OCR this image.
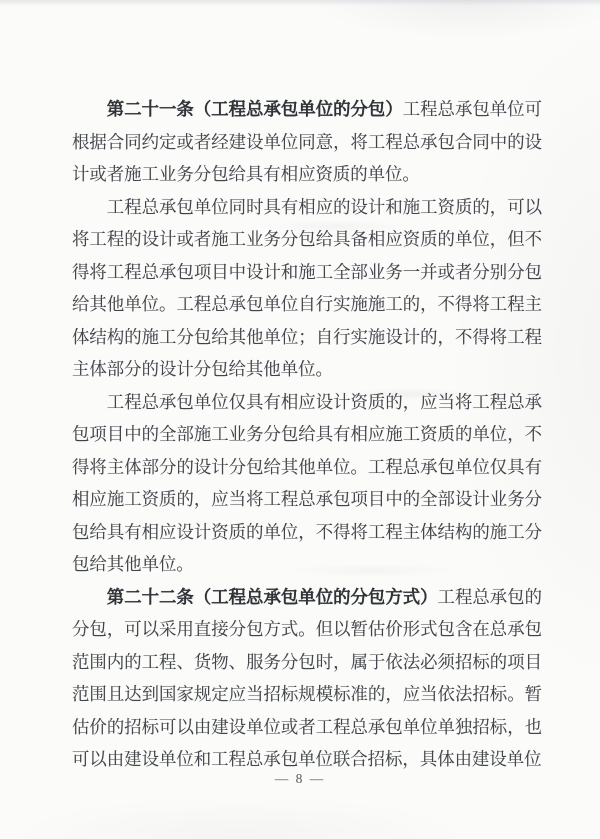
第二十一条（工程总承包单位的分包）工程总承包单位可根据合同约定或者经建设单位同意，将工程总承包合同中的设计或者施工业务分包给具有相应资质的单位。

工程总承包单位同时具有相应的设计和施工资质的，可以将工程的设计或者施工业务分包给具备相应资质的单位，但不得将工程总承包项目中设计和施工全部业务一并或者分别分包给其他单位。工程总承包单位自行实施施工的，不得将工程主体结构的施工分包给其他单位；自行实施设计的，不得将工程主体部分的设计分包给其他单位。

工程总承包单位仅具有相应设计资质的，应当将工程总承包项目中的全部施工业务分包给具有相应施工资质的单位，不得将主体部分的设计分包给其他单位。工程总承包单位仅具有相应施工资质的，应当将工程总承包项目中的全部设计业务分包给具有相应设计资质的单位，不得将工程主体结构的施工分包给其他单位。

第二十二条（工程总承包单位的分包方式）工程总承包的分包，可以采用直接分包方式。但以暂估价形式包含在总承包范围内的工程、货物、服务分包时，属于依法必须招标的项目范围且达到国家规定应当招标规模标准的，应当依法招标。暂估价的招标可以由建设单位或者工程总承包单位单独招标，也可以由建设单位和工程总承包单位联合招标，具体由建设单位

— 8 —
